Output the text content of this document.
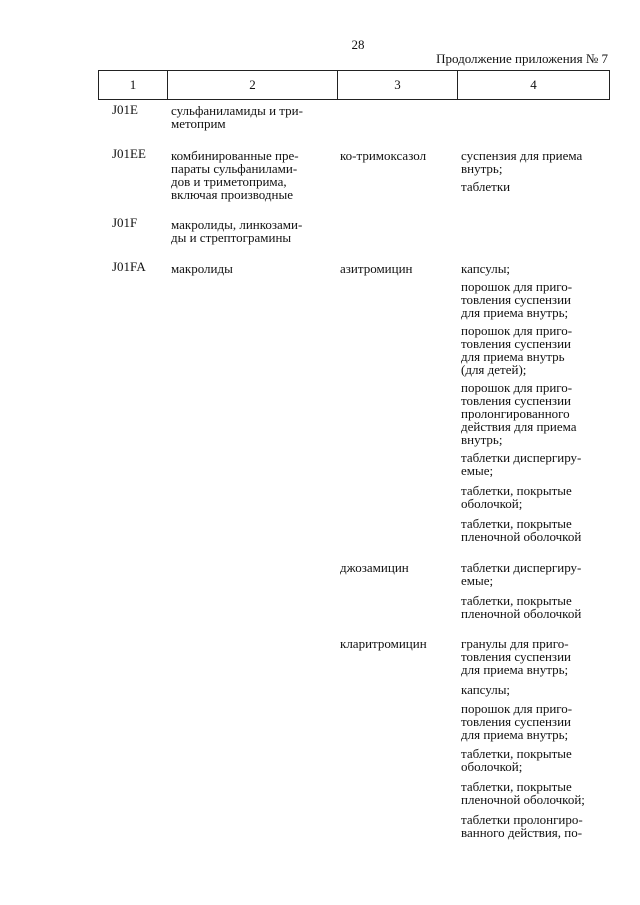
28
Продолжение приложения № 7
1	2	3	4
J01E	сульфаниламиды и три-
метоприм
J01EE комбинированные пре-
параты сульфанилами-
дов и триметоприма,
включая производные
ко-тримоксазол	суспензия для приема
внутрь;
таблетки
J01F	макролиды, линкозами-
ды и стрептограмины
J01FA макролиды	азитромицин	капсулы;
порошок для приго-
товления суспензии
для приема внутрь;
порошок для приго-
товления суспензии
для приема внутрь
(для детей);
порошок для приго-
товления суспензии
пролонгированного
действия для приема
внутрь;
таблетки диспергиру-
емые;
таблетки, покрытые
оболочкой;
таблетки, покрытые
пленочной оболочкой
джозамицин	таблетки диспергиру-
емые;
таблетки, покрытые
пленочной оболочкой
кларитромицин	гранулы для приго-
товления суспензии
для приема внутрь;
капсулы;
порошок для приго-
товления суспензии
для приема внутрь;
таблетки, покрытые
оболочкой;
таблетки, покрытые
пленочной оболочкой;
таблетки пролонгиро-
ванного действия, по-
